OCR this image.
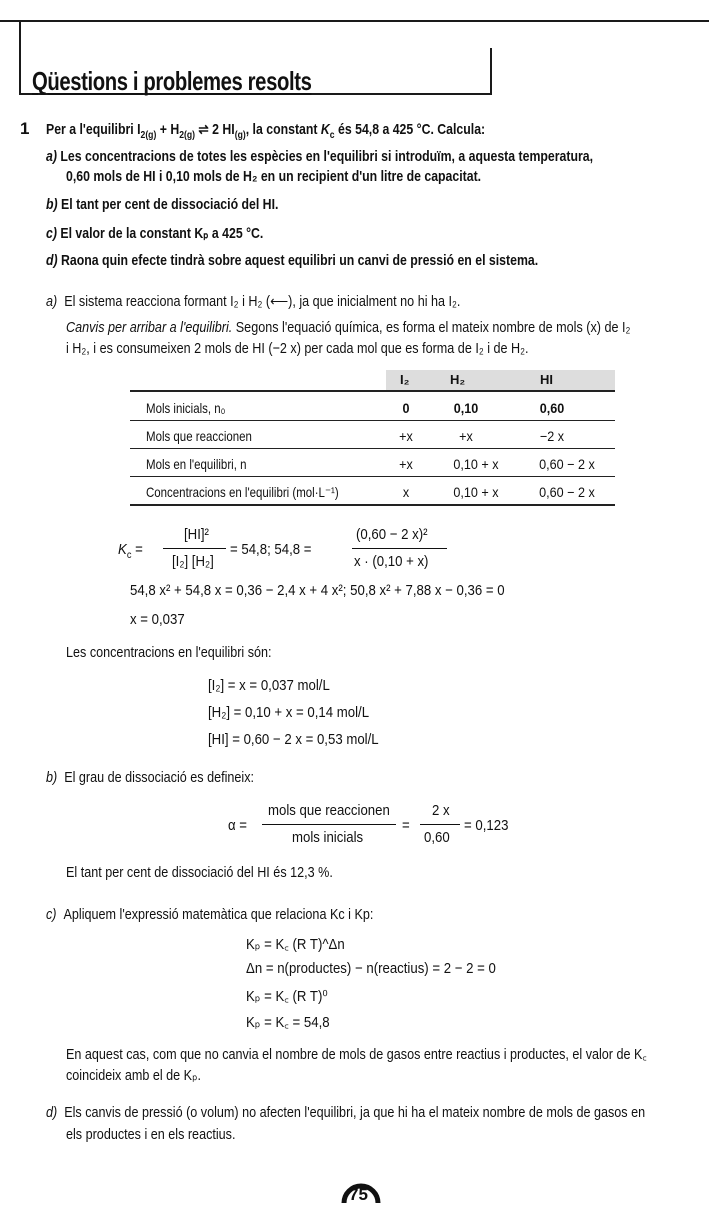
Qüestions i problemes resolts
1 Per a l'equilibri $I_{2(g)} + H_{2(g)}$ ⇌ 2 $HI_{(g)}$, la constant $K_c$ és 54,8 a 425 °C. Calcula:
a) Les concentracions de totes les espècies en l'equilibri si introduïm, a aquesta temperatura,
0,60 mols de HI i 0,10 mols de H₂ en un recipient d'un litre de capacitat.
b) El tant per cent de dissociació del HI.
c) El valor de la constant Kₚ a 425 °C.
d) Raona quin efecte tindrà sobre aquest equilibri un canvi de pressió en el sistema.
a) El sistema reacciona formant I₂ i H₂ (⟵), ja que inicialment no hi ha I₂.
Canvis per arribar a l'equilibri. Segons l'equació química, es forma el mateix nombre de mols (x) de I₂
i H₂, i es consumeixen 2 mols de HI (−2 x) per cada mol que es forma de I₂ i de H₂.
I₂	H₂	HI
Mols inicials, n₀	0	0,10	0,60
Mols que reaccionen	+x	+x	−2 x
Mols en l'equilibri, n	+x	0,10 + x	0,60 − 2 x
Concentracions en l'equilibri (mol·L⁻¹)	x	0,10 + x	0,60 − 2 x
$K_c$ =
[HI]²
[I₂] [H₂]
= 54,8; 54,8 =
(0,60 − 2 x)²
x · (0,10 + x)
54,8 x² + 54,8 x = 0,36 − 2,4 x + 4 x²; 50,8 x² + 7,88 x − 0,36 = 0
x = 0,037
Les concentracions en l'equilibri són:
[I₂] = x = 0,037 mol/L
[H₂] = 0,10 + x = 0,14 mol/L
[HI] = 0,60 − 2 x = 0,53 mol/L
b) El grau de dissociació es defineix:
α =
mols que reaccionen
mols inicials
=
2 x
0,60
= 0,123
El tant per cent de dissociació del HI és 12,3 %.
c) Apliquem l'expressió matemàtica que relaciona Kc i Kp:
Kₚ = K꜀ (R T)^Δn
Δn = n(productes) − n(reactius) = 2 − 2 = 0
Kₚ = K꜀ (R T)⁰
Kₚ = K꜀ = 54,8
En aquest cas, com que no canvia el nombre de mols de gasos entre reactius i productes, el valor de K꜀
coincideix amb el de Kₚ.
d) Els canvis de pressió (o volum) no afecten l'equilibri, ja que hi ha el mateix nombre de mols de gasos en
els productes i en els reactius.
75
